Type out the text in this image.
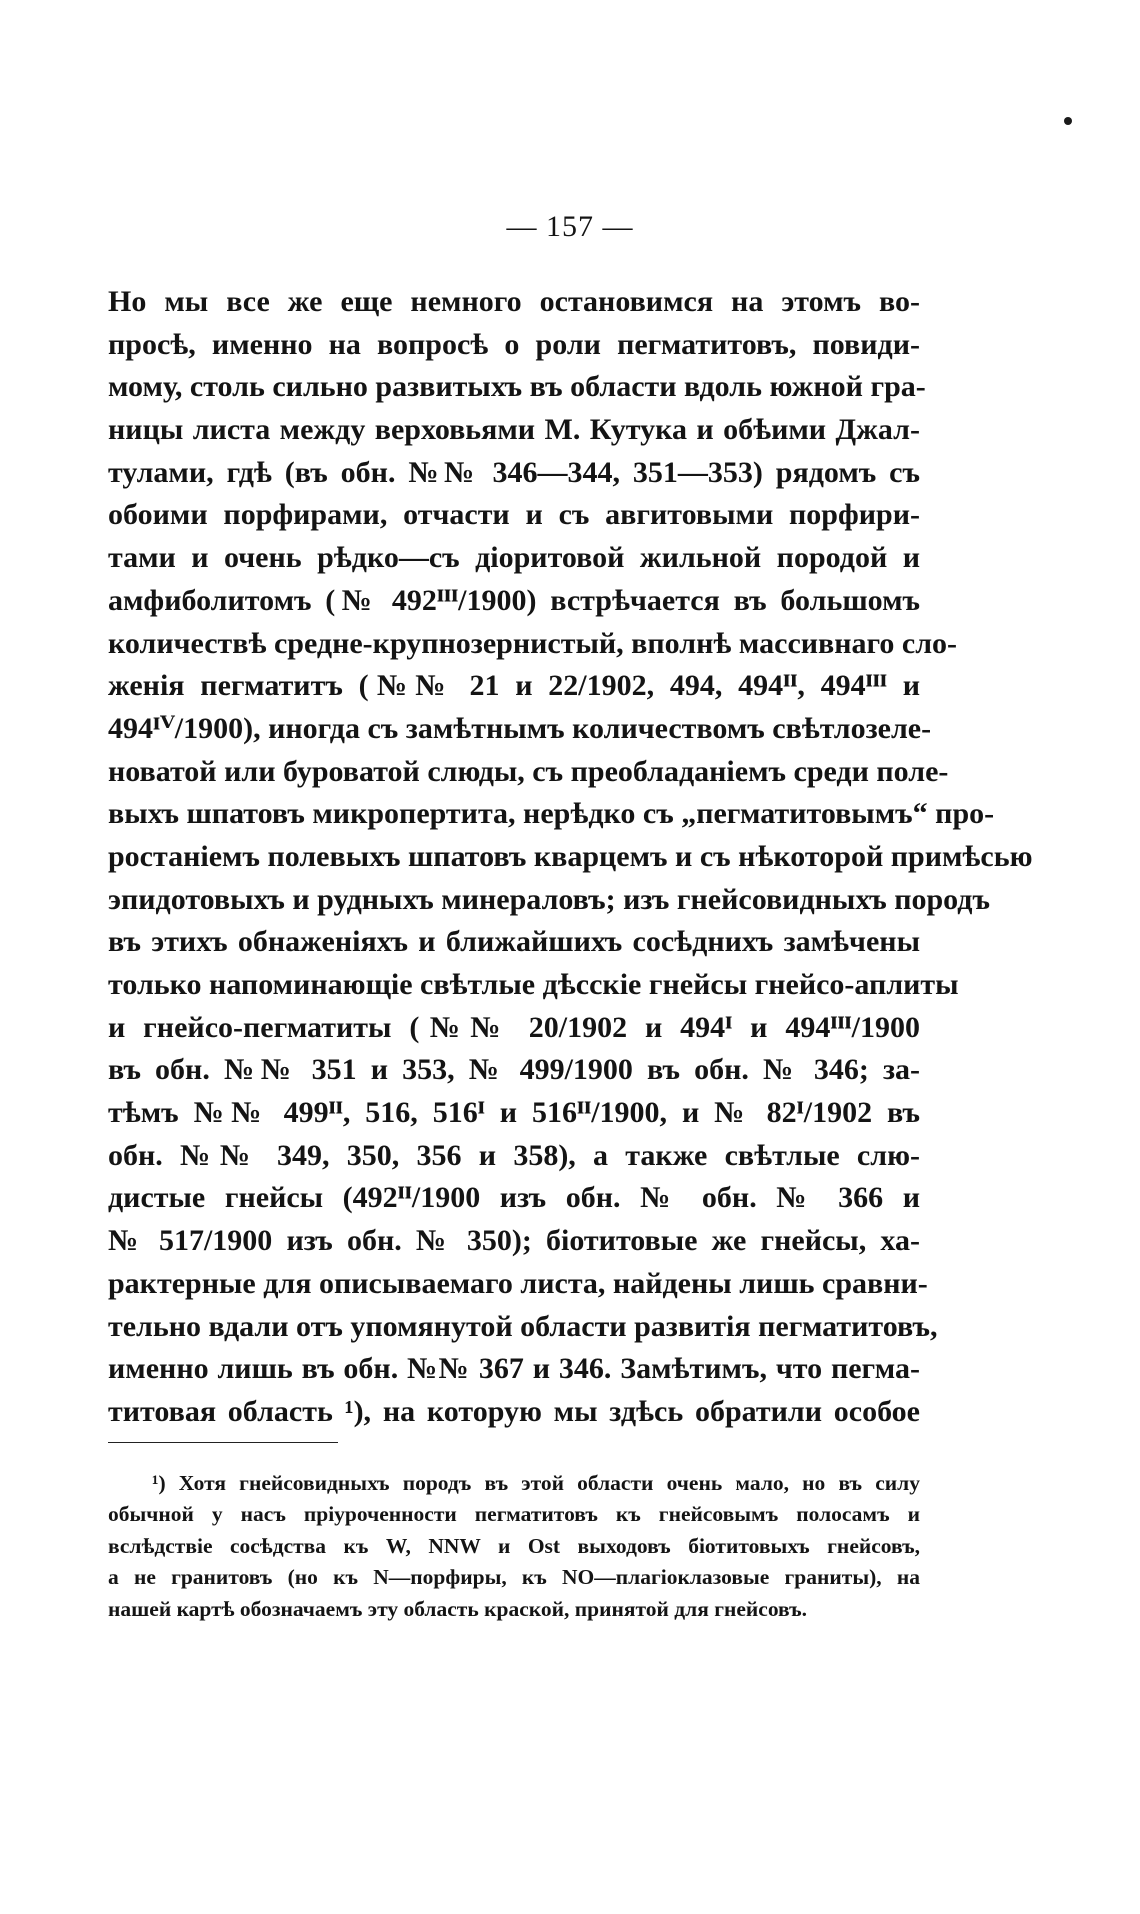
— 157 —
Но мы все же еще немного остановимся на этомъ во-
просѣ, именно на вопросѣ о роли пегматитовъ, повиди-
мому, столь сильно развитыхъ въ области вдоль южной гра-
ницы листа между верховьями М. Кутука и обѣими Джал-
тулами, гдѣ (въ обн. №№ 346—344, 351—353) рядомъ съ
обоими порфирами, отчасти и съ авгитовыми порфири-
тами и очень рѣдко—съ діоритовой жильной породой и
амфиболитомъ (№ 492ᴵᴵᴵ/1900) встрѣчается въ большомъ
количествѣ средне-крупнозернистый, вполнѣ массивнаго сло-
женія пегматитъ (№№ 21 и 22/1902, 494, 494ᴵᴵ, 494ᴵᴵᴵ и
494ᴵⱽ/1900), иногда съ замѣтнымъ количествомъ свѣтлозеле-
новатой или буроватой слюды, съ преобладаніемъ среди поле-
выхъ шпатовъ микропертита, нерѣдко съ „пегматитовымъ“ про-
ростаніемъ полевыхъ шпатовъ кварцемъ и съ нѣкоторой примѣсью
эпидотовыхъ и рудныхъ минераловъ; изъ гнейсовидныхъ породъ
въ этихъ обнаженіяхъ и ближайшихъ сосѣднихъ замѣчены
только напоминающіе свѣтлые дѣсскіе гнейсы гнейсо-аплиты
и гнейсо-пегматиты (№№ 20/1902 и 494ᴵ и 494ᴵᴵᴵ/1900
въ обн. №№ 351 и 353, № 499/1900 въ обн. № 346; за-
тѣмъ №№ 499ᴵᴵ, 516, 516ᴵ и 516ᴵᴵ/1900, и № 82ᴵ/1902 въ
обн. №№ 349, 350, 356 и 358), а также свѣтлые слю-
дистые гнейсы (492ᴵᴵ/1900 изъ обн. № обн. № 366 и
№ 517/1900 изъ обн. № 350); біотитовые же гнейсы, ха-
рактерные для описываемаго листа, найдены лишь сравни-
тельно вдали отъ упомянутой области развитія пегматитовъ,
именно лишь въ обн. №№ 367 и 346. Замѣтимъ, что пегма-
титовая область ¹), на которую мы здѣсь обратили особое
¹) Хотя гнейсовидныхъ породъ въ этой области очень мало, но въ силу
обычной у насъ пріуроченности пегматитовъ къ гнейсовымъ полосамъ и
вслѣдствіе сосѣдства къ W, NNW и Ost выходовъ біотитовыхъ гнейсовъ,
а не гранитовъ (но къ N—порфиры, къ NO—плагіоклазовые граниты), на
нашей картѣ обозначаемъ эту область краской, принятой для гнейсовъ.
